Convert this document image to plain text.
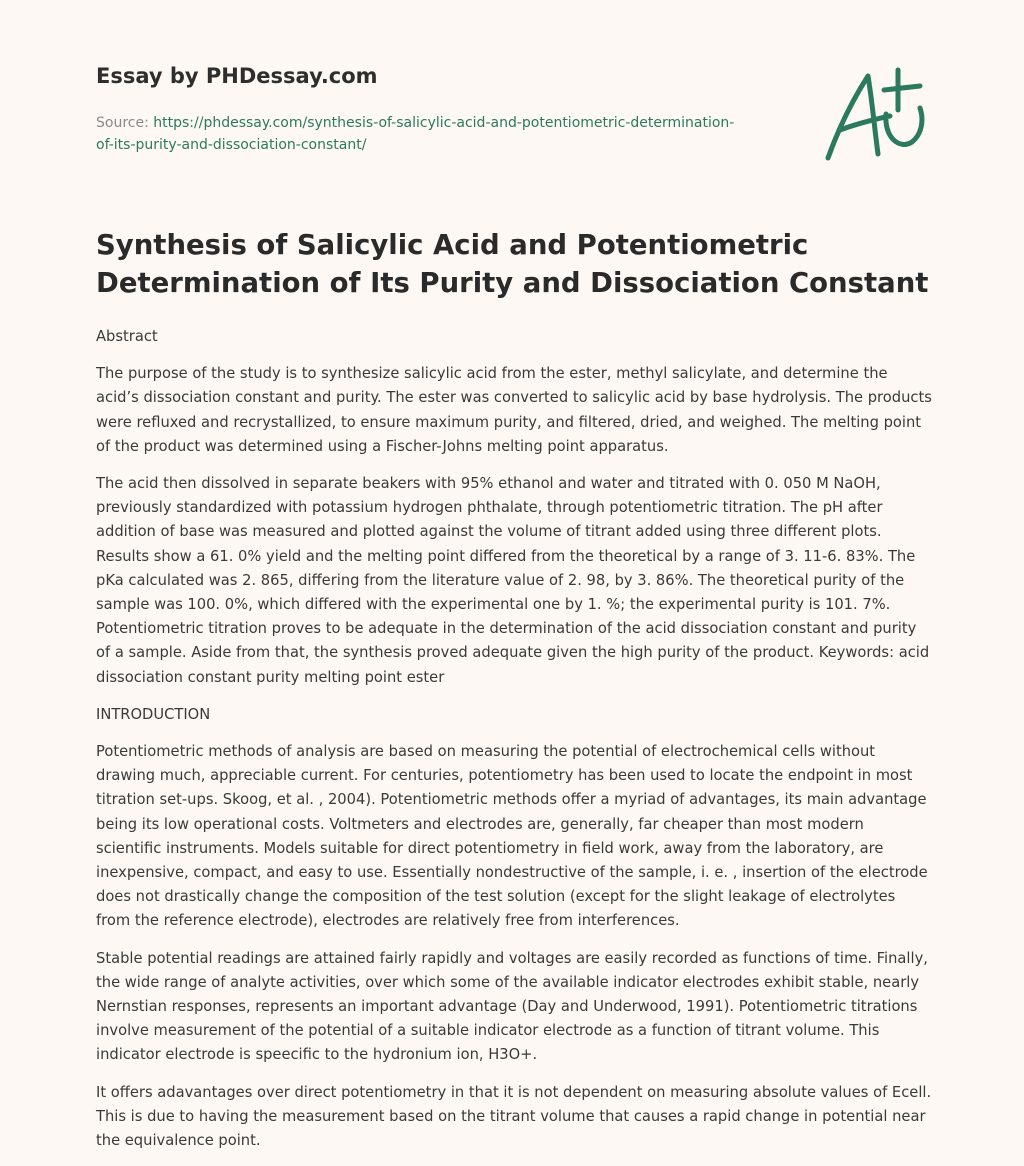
Essay by PHDessay.com
Source: https://phdessay.com/synthesis-of-salicylic-acid-and-potentiometric-determination-of-its-purity-and-dissociation-constant/
Synthesis of Salicylic Acid and Potentiometric Determination of Its Purity and Dissociation Constant

Abstract

The purpose of the study is to synthesize salicylic acid from the ester, methyl salicylate, and determine the acid’s dissociation constant and purity. The ester was converted to salicylic acid by base hydrolysis. The products were refluxed and recrystallized, to ensure maximum purity, and filtered, dried, and weighed. The melting point of the product was determined using a Fischer-Johns melting point apparatus.

The acid then dissolved in separate beakers with 95% ethanol and water and titrated with 0. 050 M NaOH, previously standardized with potassium hydrogen phthalate, through potentiometric titration. The pH after addition of base was measured and plotted against the volume of titrant added using three different plots. Results show a 61. 0% yield and the melting point differed from the theoretical by a range of 3. 11-6. 83%. The pKa calculated was 2. 865, differing from the literature value of 2. 98, by 3. 86%. The theoretical purity of the sample was 100. 0%, which differed with the experimental one by 1. %; the experimental purity is 101. 7%. Potentiometric titration proves to be adequate in the determination of the acid dissociation constant and purity of a sample. Aside from that, the synthesis proved adequate given the high purity of the product. Keywords: acid dissociation constant purity melting point ester

INTRODUCTION

Potentiometric methods of analysis are based on measuring the potential of electrochemical cells without drawing much, appreciable current. For centuries, potentiometry has been used to locate the endpoint in most titration set-ups. Skoog, et al. , 2004). Potentiometric methods offer a myriad of advantages, its main advantage being its low operational costs. Voltmeters and electrodes are, generally, far cheaper than most modern scientific instruments. Models suitable for direct potentiometry in field work, away from the laboratory, are inexpensive, compact, and easy to use. Essentially nondestructive of the sample, i. e. , insertion of the electrode does not drastically change the composition of the test solution (except for the slight leakage of electrolytes from the reference electrode), electrodes are relatively free from interferences.

Stable potential readings are attained fairly rapidly and voltages are easily recorded as functions of time. Finally, the wide range of analyte activities, over which some of the available indicator electrodes exhibit stable, nearly Nernstian responses, represents an important advantage (Day and Underwood, 1991). Potentiometric titrations involve measurement of the potential of a suitable indicator electrode as a function of titrant volume. This indicator electrode is speecific to the hydronium ion, H3O+.

It offers adavantages over direct potentiometry in that it is not dependent on measuring absolute values of Ecell. This is due to having the measurement based on the titrant volume that causes a rapid change in potential near the equivalence point.
